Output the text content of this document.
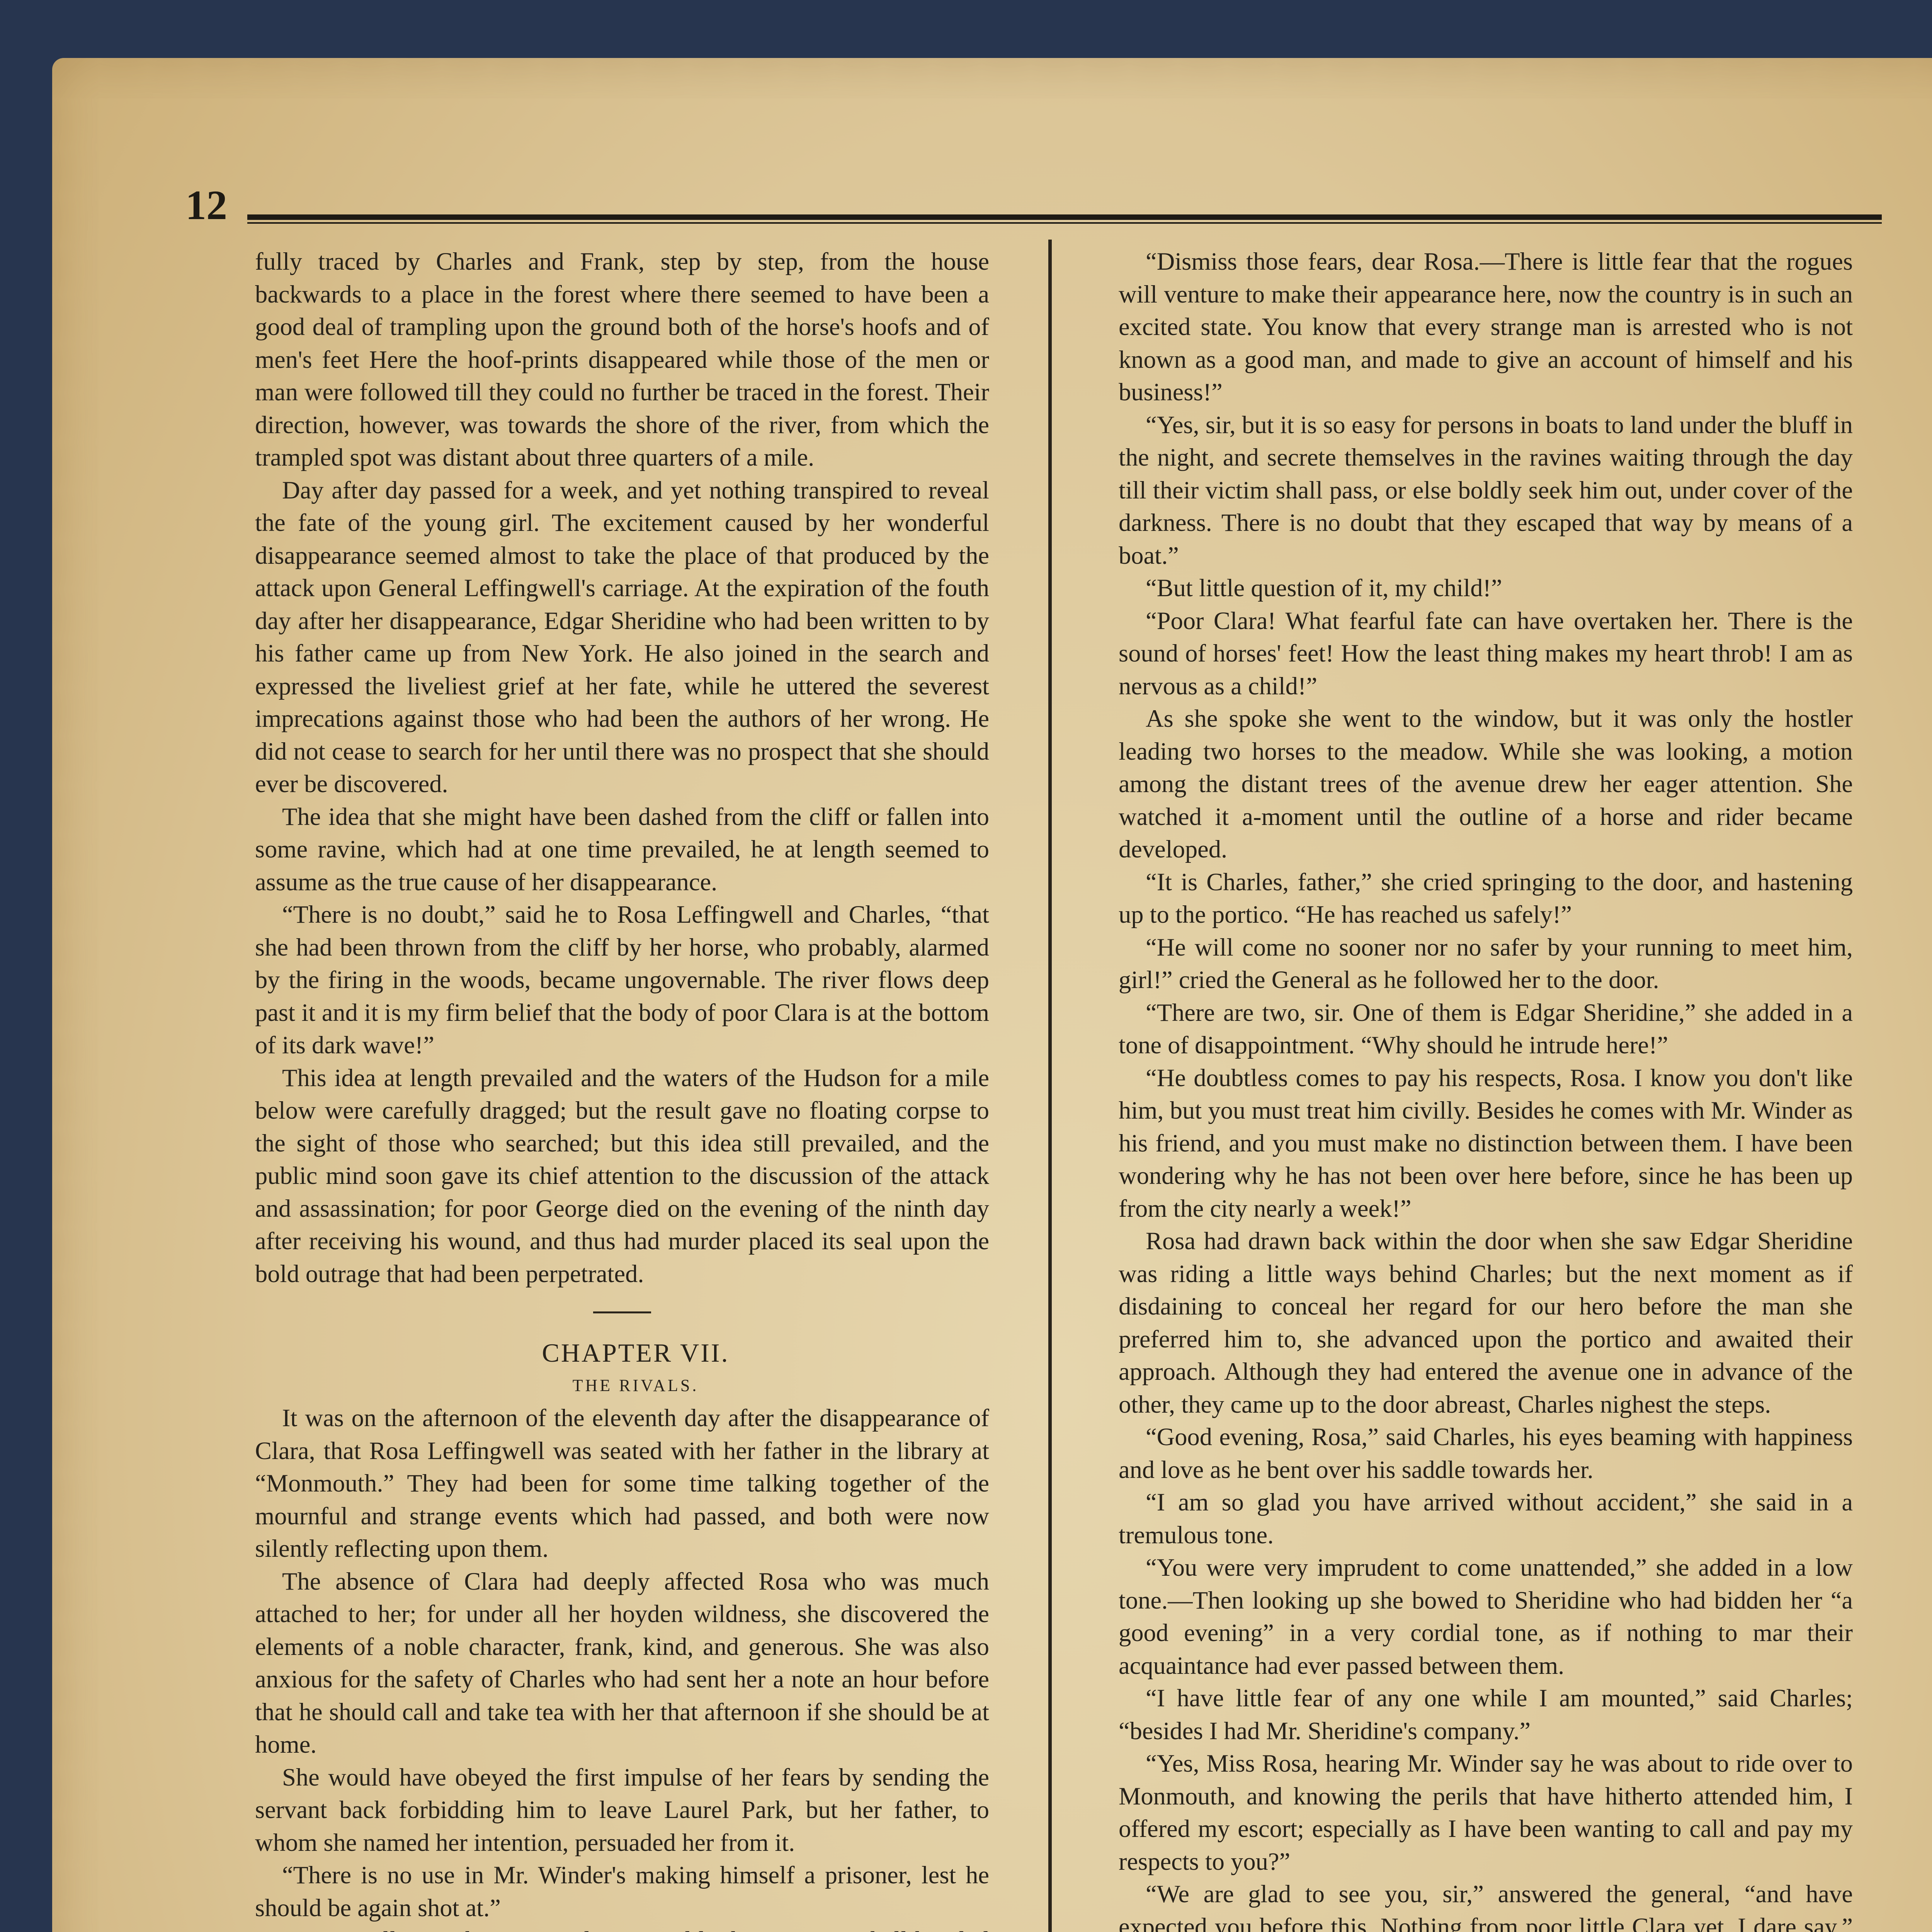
12

fully traced by Charles and Frank, step by step, from the house backwards to a place in the forest where there seemed to have been a good deal of trampling upon the ground both of the horse's hoofs and of men's feet Here the hoof-prints disappeared while those of the men or man were followed till they could no further be traced in the forest. Their direction, however, was towards the shore of the river, from which the trampled spot was distant about three quarters of a mile.

Day after day passed for a week, and yet nothing transpired to reveal the fate of the young girl. The excitement caused by her wonderful disappearance seemed almost to take the place of that produced by the attack upon General Leffingwell's carriage. At the expiration of the fouth day after her disappearance, Edgar Sheridine who had been written to by his father came up from New York. He also joined in the search and expressed the liveliest grief at her fate, while he uttered the severest imprecations against those who had been the authors of her wrong. He did not cease to search for her until there was no prospect that she should ever be discovered.

The idea that she might have been dashed from the cliff or fallen into some ravine, which had at one time prevailed, he at length seemed to assume as the true cause of her disappearance.

“There is no doubt,” said he to Rosa Leffingwell and Charles, “that she had been thrown from the cliff by her horse, who probably, alarmed by the firing in the woods, became ungovernable. The river flows deep past it and it is my firm belief that the body of poor Clara is at the bottom of its dark wave!”

This idea at length prevailed and the waters of the Hudson for a mile below were carefully dragged; but the result gave no floating corpse to the sight of those who searched; but this idea still prevailed, and the public mind soon gave its chief attention to the discussion of the attack and assassination; for poor George died on the evening of the ninth day after receiving his wound, and thus had murder placed its seal upon the bold outrage that had been perpetrated.

CHAPTER VII.

THE RIVALS.

It was on the afternoon of the eleventh day after the disappearance of Clara, that Rosa Leffingwell was seated with her father in the library at “Monmouth.” They had been for some time talking together of the mournful and strange events which had passed, and both were now silently reflecting upon them.

The absence of Clara had deeply affected Rosa who was much attached to her; for under all her hoyden wildness, she discovered the elements of a noble character, frank, kind, and generous. She was also anxious for the safety of Charles who had sent her a note an hour before that he should call and take tea with her that afternoon if she should be at home.

She would have obeyed the first impulse of her fears by sending the servant back forbidding him to leave Laurel Park, but her father, to whom she named her intention, persuaded her from it.

“There is no use in Mr. Winder's making himself a prisoner, lest he should be again shot at.”

“Dismiss those fears, dear Rosa.—There is little fear that the rogues will venture to make their appearance here, now the country is in such an excited state. You know that every strange man is arrested who is not known as a good man, and made to give an account of himself and his business!”

“Yes, sir, but it is so easy for persons in boats to land under the bluff in the night, and secrete themselves in the ravines waiting through the day till their victim shall pass, or else boldly seek him out, under cover of the darkness. There is no doubt that they escaped that way by means of a boat.”

“But little question of it, my child!”

“Poor Clara! What fearful fate can have overtaken her. There is the sound of horses' feet! How the least thing makes my heart throb! I am as nervous as a child!”

As she spoke she went to the window, but it was only the hostler leading two horses to the meadow. While she was looking, a motion among the distant trees of the avenue drew her eager attention. She watched it a-moment until the outline of a horse and rider became developed.

“It is Charles, father,” she cried springing to the door, and hastening up to the portico. “He has reached us safely!”

“He will come no sooner nor no safer by your running to meet him, girl!” cried the General as he followed her to the door.

“There are two, sir. One of them is Edgar Sheridine,” she added in a tone of disappointment. “Why should he intrude here!”

“He doubtless comes to pay his respects, Rosa. I know you don't like him, but you must treat him civilly. Besides he comes with Mr. Winder as his friend, and you must make no distinction between them. I have been wondering why he has not been over here before, since he has been up from the city nearly a week!”

Rosa had drawn back within the door when she saw Edgar Sheridine was riding a little ways behind Charles; but the next moment as if disdaining to conceal her regard for our hero before the man she preferred him to, she advanced upon the portico and awaited their approach. Although they had entered the avenue one in advance of the other, they came up to the door abreast, Charles nighest the steps.

“Good evening, Rosa,” said Charles, his eyes beaming with happiness and love as he bent over his saddle towards her.

“I am so glad you have arrived without accident,” she said in a tremulous tone.

“You were very imprudent to come unattended,” she added in a low tone.—Then looking up she bowed to Sheridine who had bidden her “a good evening” in a very cordial tone, as if nothing to mar their acquaintance had ever passed between them.

“I have little fear of any one while I am mounted,” said Charles; “besides I had Mr. Sheridine's company.”

“Yes, Miss Rosa, hearing Mr. Winder say he was about to ride over to Monmouth, and knowing the perils that have hitherto attended him, I offered my escort; especially as I have been wanting to call and pay my respects to you?”

“We are glad to see you, sir,” answered the general, “and have expected you before this. Nothing from poor little Clara yet, I dare say,”
